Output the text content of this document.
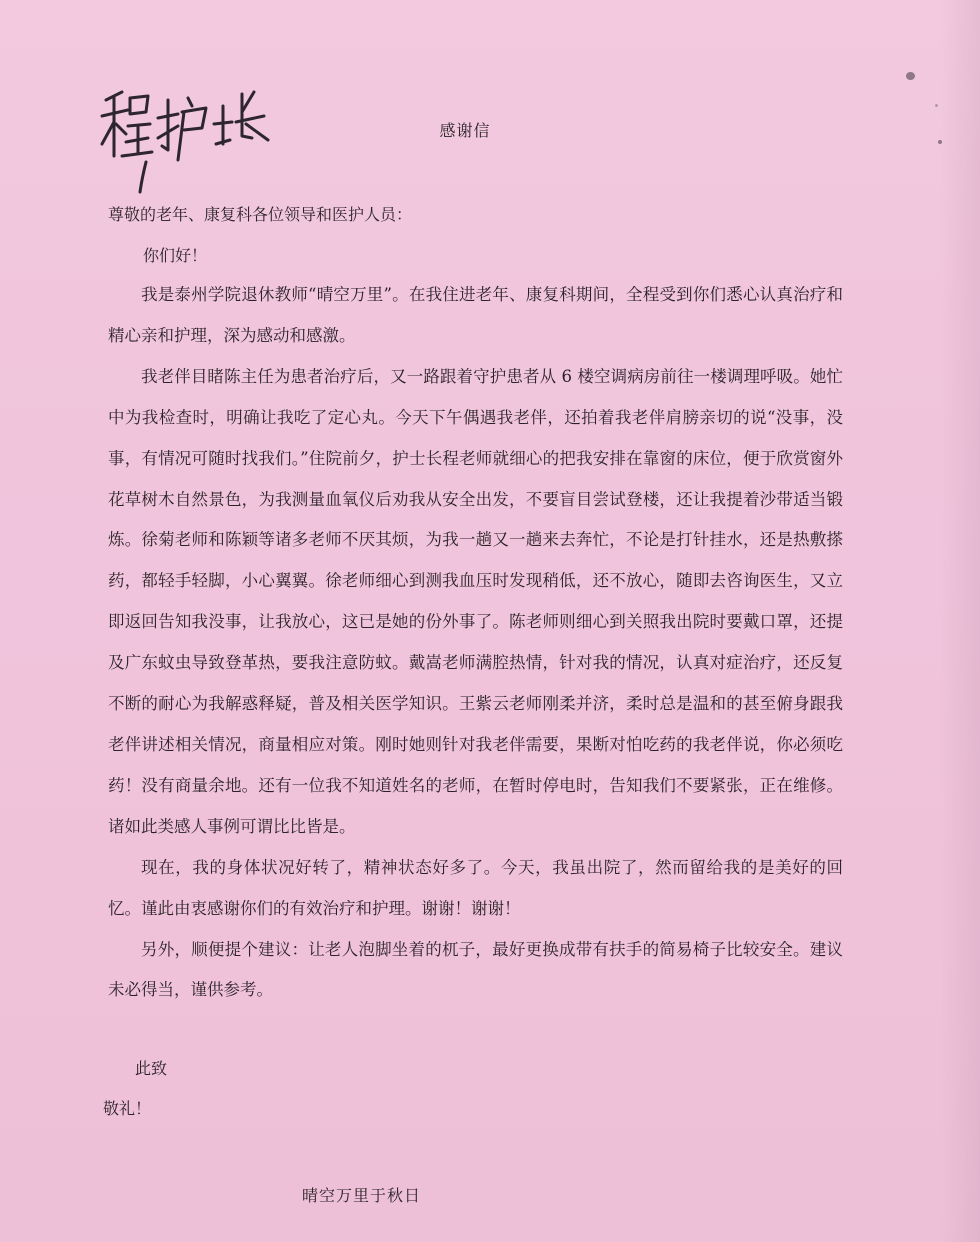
感谢信
尊敬的老年、康复科各位领导和医护人员：
你们好！

我是泰州学院退休教师“晴空万里”。在我住进老年、康复科期间，全程受到你们悉心认真治疗和精心亲和护理，深为感动和感激。

我老伴目睹陈主任为患者治疗后，又一路跟着守护患者从 6 楼空调病房前往一楼调理呼吸。她忙中为我检查时，明确让我吃了定心丸。今天下午偶遇我老伴，还拍着我老伴肩膀亲切的说“没事，没事，有情况可随时找我们。”住院前夕，护士长程老师就细心的把我安排在靠窗的床位，便于欣赏窗外花草树木自然景色，为我测量血氧仪后劝我从安全出发，不要盲目尝试登楼，还让我提着沙带适当锻炼。徐菊老师和陈颖等诸多老师不厌其烦，为我一趟又一趟来去奔忙，不论是打针挂水，还是热敷搽药，都轻手轻脚，小心翼翼。徐老师细心到测我血压时发现稍低，还不放心，随即去咨询医生，又立即返回告知我没事，让我放心，这已是她的份外事了。陈老师则细心到关照我出院时要戴口罩，还提及广东蚊虫导致登革热，要我注意防蚊。戴嵩老师满腔热情，针对我的情况，认真对症治疗，还反复不断的耐心为我解惑释疑，普及相关医学知识。王紫云老师刚柔并济，柔时总是温和的甚至俯身跟我老伴讲述相关情况，商量相应对策。刚时她则针对我老伴需要，果断对怕吃药的我老伴说，你必须吃药！没有商量余地。还有一位我不知道姓名的老师，在暂时停电时，告知我们不要紧张，正在维修。诸如此类感人事例可谓比比皆是。

现在，我的身体状况好转了，精神状态好多了。今天，我虽出院了，然而留给我的是美好的回忆。谨此由衷感谢你们的有效治疗和护理。谢谢！谢谢！

另外，顺便提个建议：让老人泡脚坐着的杌子，最好更换成带有扶手的简易椅子比较安全。建议未必得当，谨供参考。

此致
敬礼！
晴空万里于秋日
